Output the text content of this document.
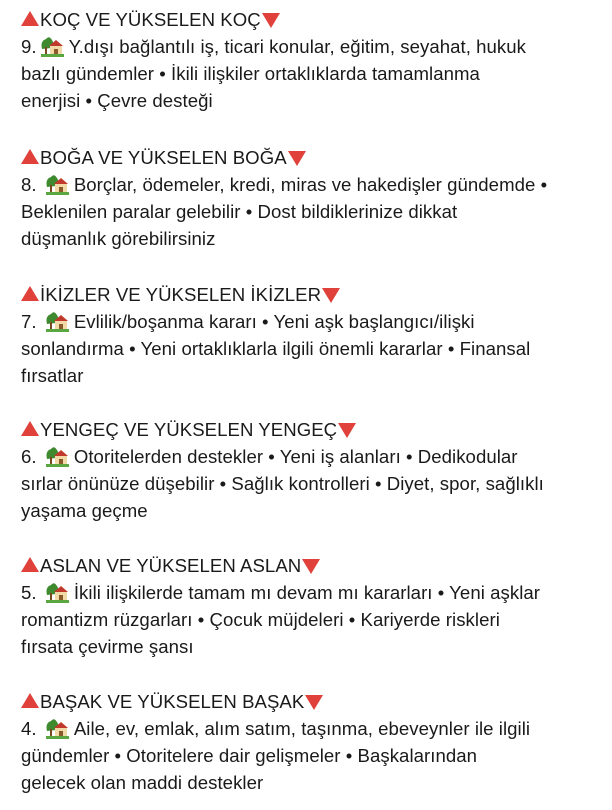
KOÇ VE YÜKSELEN KOÇ
9. Y.dışı bağlantılı iş, ticari konular, eğitim, seyahat, hukuk
bazlı gündemler • İkili ilişkiler ortaklıklarda tamamlanma
enerjisi • Çevre desteği
BOĞA VE YÜKSELEN BOĞA
8. Borçlar, ödemeler, kredi, miras ve hakedişler gündemde •
Beklenilen paralar gelebilir • Dost bildiklerinize dikkat
düşmanlık görebilirsiniz
İKİZLER VE YÜKSELEN İKİZLER
7. Evlilik/boşanma kararı • Yeni aşk başlangıcı/ilişki
sonlandırma • Yeni ortaklıklarla ilgili önemli kararlar • Finansal
fırsatlar
YENGEÇ VE YÜKSELEN YENGEÇ
6. Otoritelerden destekler • Yeni iş alanları • Dedikodular
sırlar önünüze düşebilir • Sağlık kontrolleri • Diyet, spor, sağlıklı
yaşama geçme
ASLAN VE YÜKSELEN ASLAN
5. İkili ilişkilerde tamam mı devam mı kararları • Yeni aşklar
romantizm rüzgarları • Çocuk müjdeleri • Kariyerde riskleri
fırsata çevirme şansı
BAŞAK VE YÜKSELEN BAŞAK
4. Aile, ev, emlak, alım satım, taşınma, ebeveynler ile ilgili
gündemler • Otoritelere dair gelişmeler • Başkalarından
gelecek olan maddi destekler
